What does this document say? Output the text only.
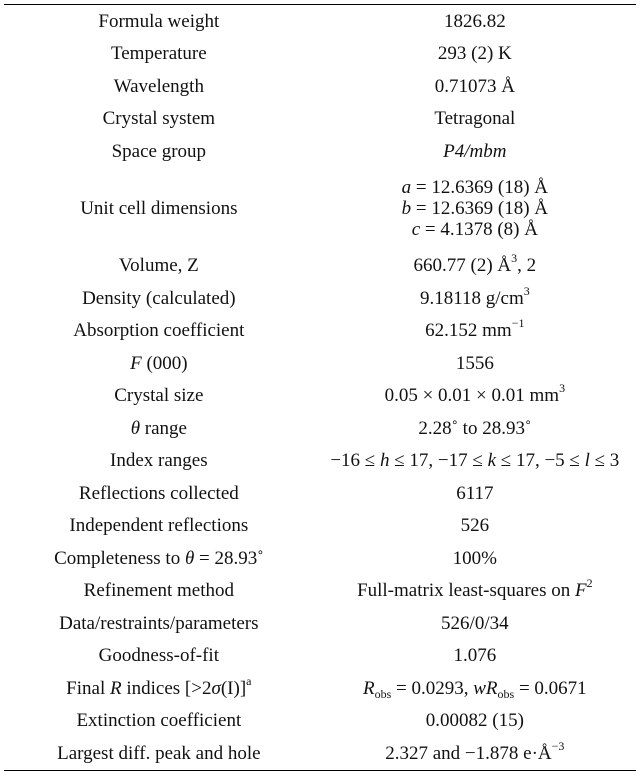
Formula weight	1826.82
Temperature	293 (2) K
Wavelength	0.71073 Å
Crystal system	Tetragonal
Space group	P4/mbm
Unit cell dimensions	a = 12.6369 (18) Å
b = 12.6369 (18) Å
c = 4.1378 (8) Å

Volume, Z	660.77 (2) $Å^3$, 2
Density (calculated)	9.18118 $g/cm^3$
Absorption coefficient	62.152 $mm^{-1}$
F (000)	1556
Crystal size	0.05 × 0.01 × 0.01 $mm^3$
θ range	2.28˚ to 28.93˚
Index ranges	−16 ≤ h ≤ 17, −17 ≤ k ≤ 17, −5 ≤ l ≤ 3
Reflections collected	6117
Independent reflections	526
Completeness to θ = 28.93˚	100%
Refinement method	Full-matrix least-squares on $F^2$
Data/restraints/parameters	526/0/34
Goodness-of-fit	1.076
Final R indices [>2σ(I)]$^a$	$R_{obs} = 0.0293$, $wR_{obs} = 0.0671$
Extinction coefficient	0.00082 (15)
Largest diff. peak and hole	2.327 and −1.878 $e\cdot Å^{-3}$
